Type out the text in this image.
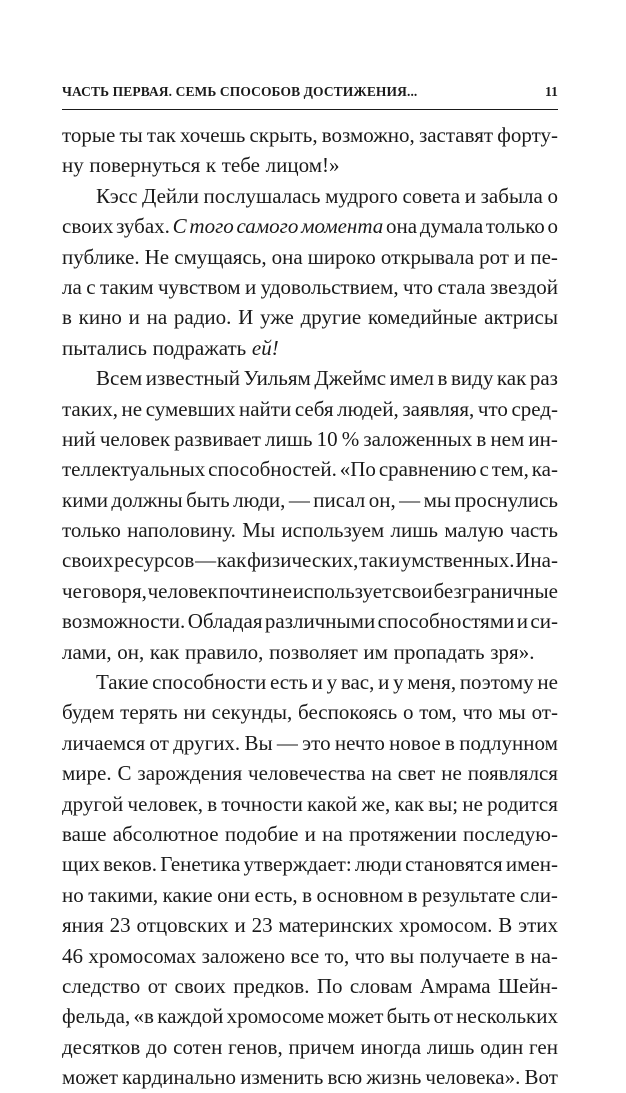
ЧАСТЬ ПЕРВАЯ. СЕМЬ СПОСОБОВ ДОСТИЖЕНИЯ...	11
торые ты так хочешь скрыть, возможно, заставят форту-
ну повернуться к тебе лицом!»
Кэсс Дейли послушалась мудрого совета и забыла о
своих зубах. С того самого момента она думала только о
публике. Не смущаясь, она широко открывала рот и пе-
ла с таким чувством и удовольствием, что стала звездой
в кино и на радио. И уже другие комедийные актрисы
пытались подражать ей!
Всем известный Уильям Джеймс имел в виду как раз
таких, не сумевших найти себя людей, заявляя, что сред-
ний человек развивает лишь 10 % заложенных в нем ин-
теллектуальных способностей. «По сравнению с тем, ка-
кими должны быть люди, — писал он, — мы проснулись
только наполовину. Мы используем лишь малую часть
своих ресурсов — как физических, так и умственных. Ина-
че говоря, человек почти не использует свои безграничные
возможности. Обладая различными способностями и си-
лами, он, как правило, позволяет им пропадать зря».
Такие способности есть и у вас, и у меня, поэтому не
будем терять ни секунды, беспокоясь о том, что мы от-
личаемся от других. Вы — это нечто новое в подлунном
мире. С зарождения человечества на свет не появлялся
другой человек, в точности какой же, как вы; не родится
ваше абсолютное подобие и на протяжении последую-
щих веков. Генетика утверждает: люди становятся имен-
но такими, какие они есть, в основном в результате сли-
яния 23 отцовских и 23 материнских хромосом. В этих
46 хромосомах заложено все то, что вы получаете в на-
следство от своих предков. По словам Амрама Шейн-
фельда, «в каждой хромосоме может быть от нескольких
десятков до сотен генов, причем иногда лишь один ген
может кардинально изменить всю жизнь человека». Вот
